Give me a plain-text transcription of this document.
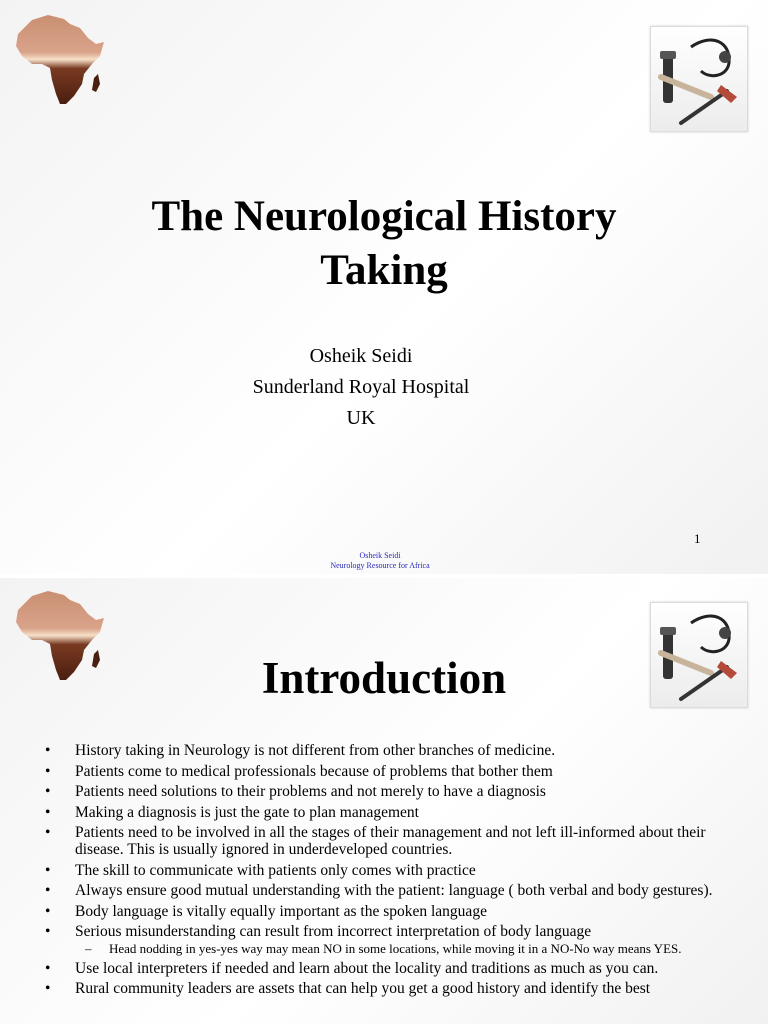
The Neurological History
Taking
Osheik Seidi
Sunderland Royal Hospital
UK
1
Osheik Seidi
Neurology Resource for Africa
Introduction
• History taking in Neurology is not different from other branches of medicine.
• Patients come to medical professionals because of problems that bother them
• Patients need solutions to their problems and not merely to have a diagnosis
• Making a diagnosis is just the gate to plan management
• Patients need to be involved in all the stages of their management and not left ill-informed about their disease. This is usually ignored in underdeveloped countries.
• The skill to communicate with patients only comes with practice
• Always ensure good mutual understanding with the patient: language ( both verbal and body gestures).
• Body language is vitally equally important as the spoken language
• Serious misunderstanding can result from incorrect interpretation of body language
– Head nodding in yes-yes way may mean NO in some locations, while moving it in a NO-No way means YES.
• Use local interpreters if needed and learn about the locality and traditions as much as you can.
• Rural community leaders are assets that can help you get a good history and identify the best
